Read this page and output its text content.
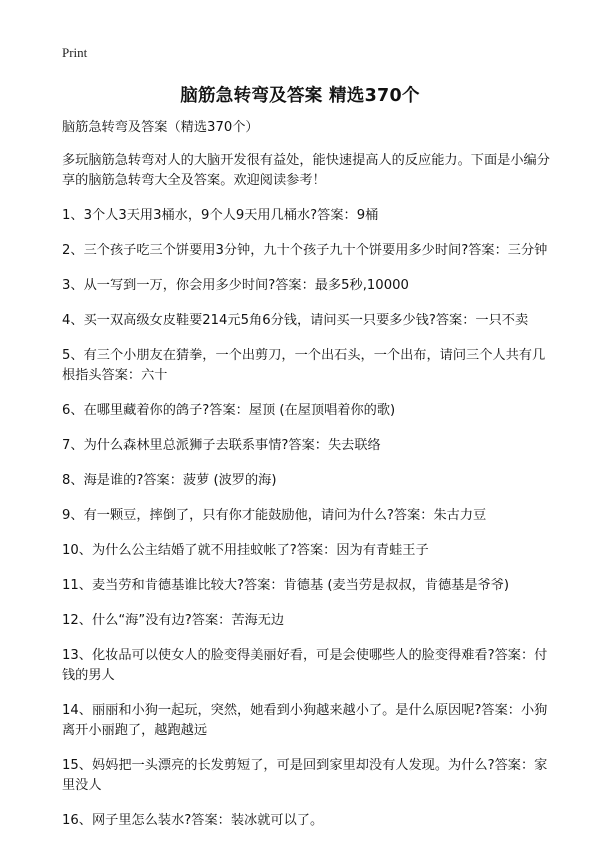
Print
脑筋急转弯及答案 精选370个
脑筋急转弯及答案（精选370个）
多玩脑筋急转弯对人的大脑开发很有益处，能快速提高人的反应能力。下面是小编分享的脑筋急转弯大全及答案。欢迎阅读参考！
1、3个人3天用3桶水，9个人9天用几桶水?答案：9桶
2、三个孩子吃三个饼要用3分钟，九十个孩子九十个饼要用多少时间?答案：三分钟
3、从一写到一万，你会用多少时间?答案：最多5秒,10000
4、买一双高级女皮鞋要214元5角6分钱，请问买一只要多少钱?答案：一只不卖
5、有三个小朋友在猜拳，一个出剪刀，一个出石头，一个出布，请问三个人共有几根指头答案：六十
6、在哪里藏着你的鸽子?答案：屋顶 (在屋顶唱着你的歌)
7、为什么森林里总派狮子去联系事情?答案：失去联络
8、海是谁的?答案：菠萝 (波罗的海)
9、有一颗豆，摔倒了，只有你才能鼓励他，请问为什么?答案：朱古力豆
10、为什么公主结婚了就不用挂蚊帐了?答案：因为有青蛙王子
11、麦当劳和肯德基谁比较大?答案：肯德基 (麦当劳是叔叔，肯德基是爷爷)
12、什么“海”没有边?答案：苦海无边
13、化妆品可以使女人的脸变得美丽好看，可是会使哪些人的脸变得难看?答案：付钱的男人
14、丽丽和小狗一起玩，突然，她看到小狗越来越小了。是什么原因呢?答案：小狗离开小丽跑了，越跑越远
15、妈妈把一头漂亮的长发剪短了，可是回到家里却没有人发现。为什么?答案：家里没人
16、网子里怎么装水?答案：装冰就可以了。
